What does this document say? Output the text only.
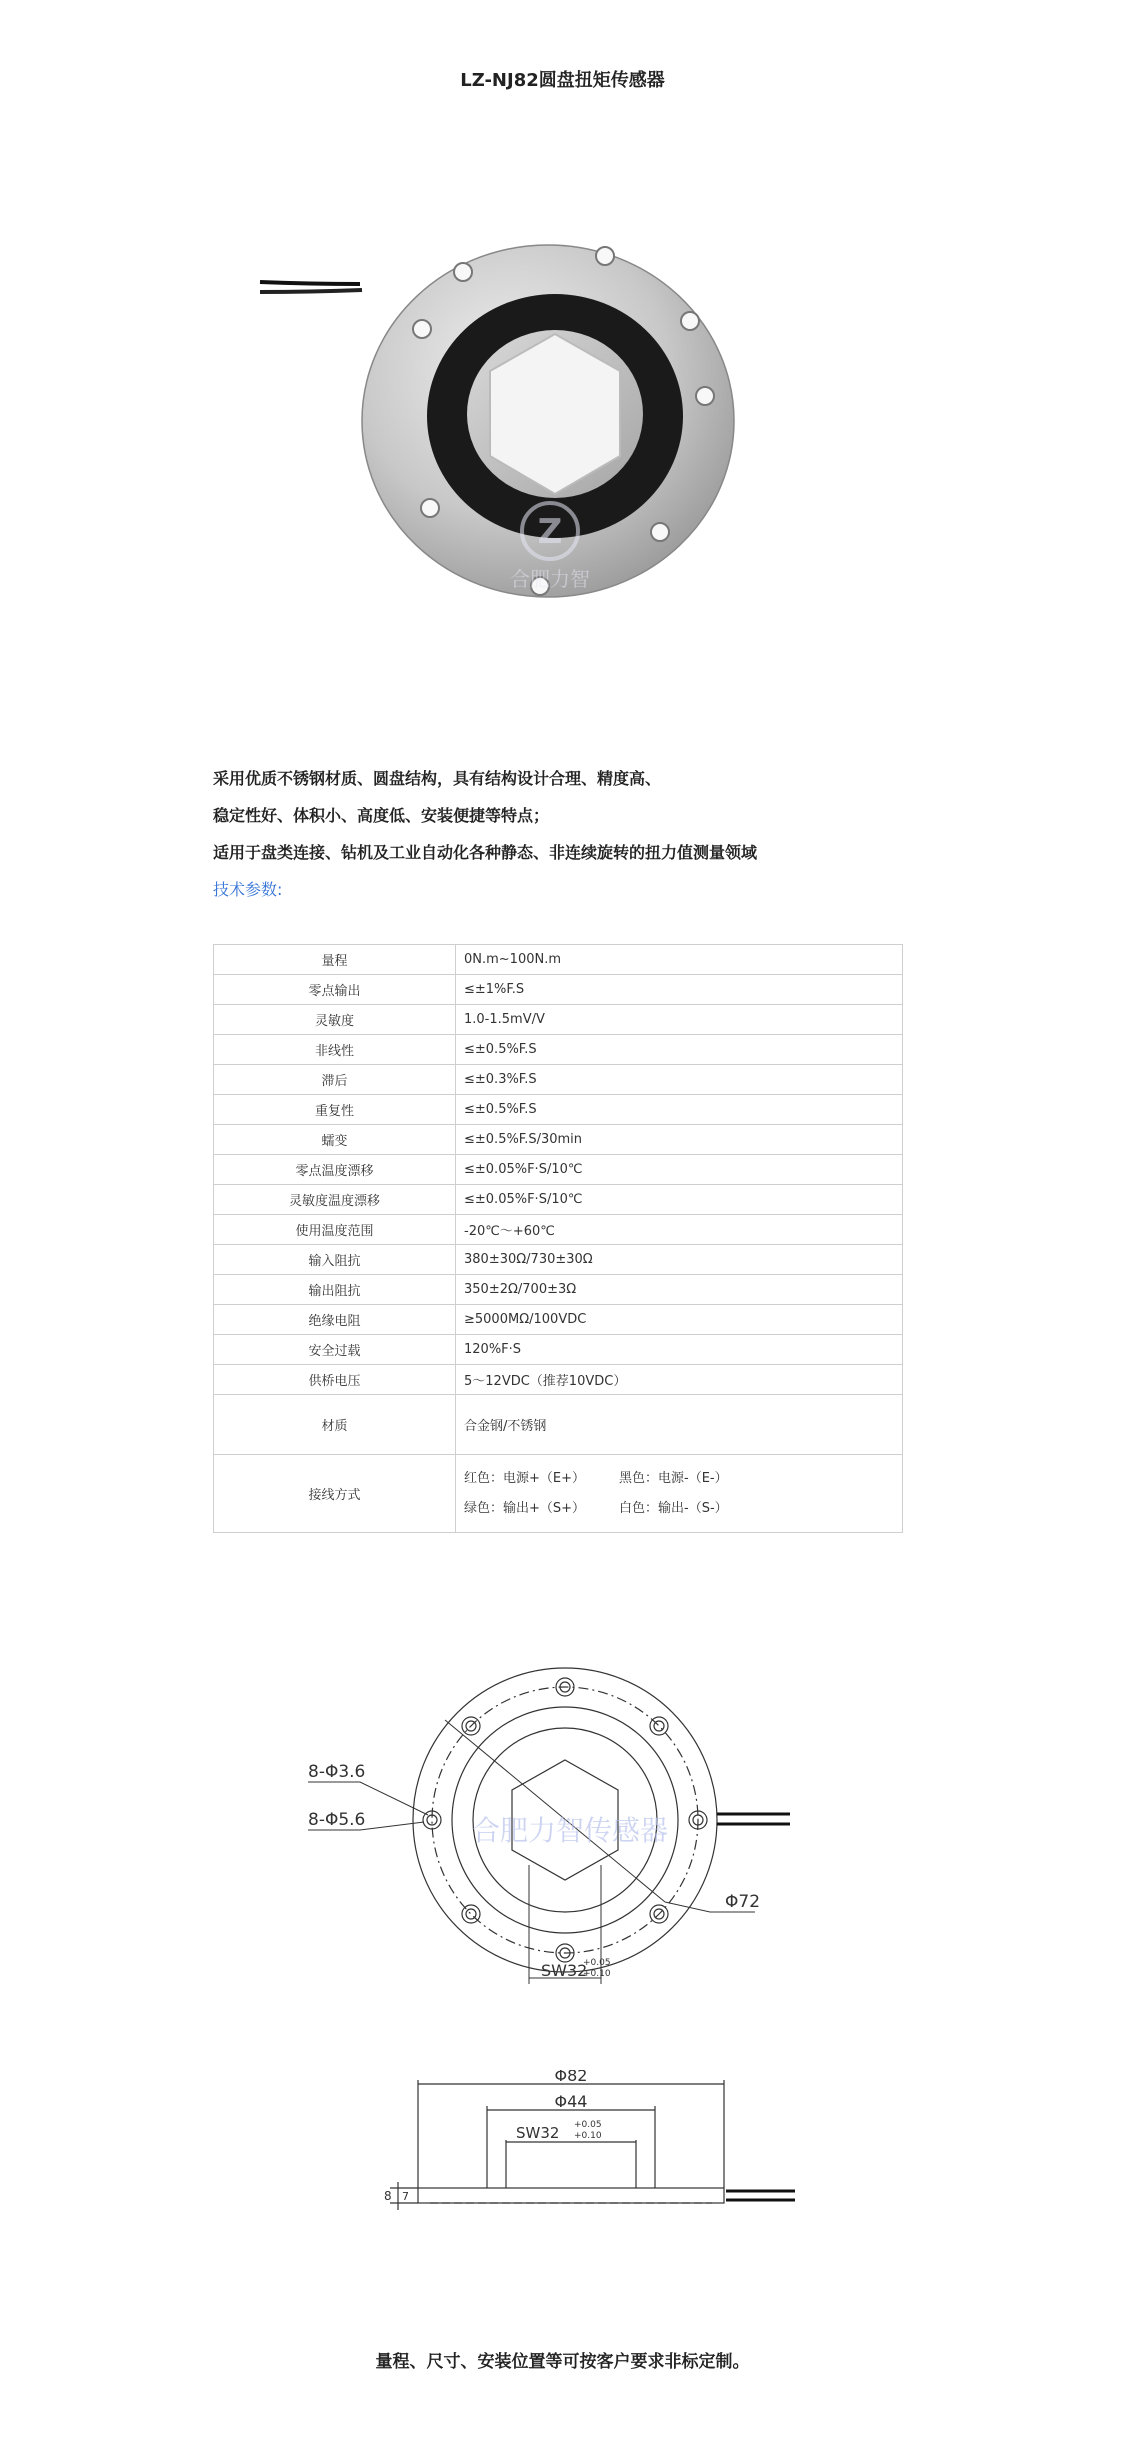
LZ-NJ82圆盘扭矩传感器
Z
合肥力智

采用优质不锈钢材质、圆盘结构，具有结构设计合理、精度高、

稳定性好、体积小、高度低、安装便捷等特点；

适用于盘类连接、钻机及工业自动化各种静态、非连续旋转的扭力值测量领域

技术参数:

量程	0N.m~100N.m
零点输出	≤±1%F.S
灵敏度	1.0-1.5mV/V
非线性	≤±0.5%F.S
滞后	≤±0.3%F.S
重复性	≤±0.5%F.S
蠕变	≤±0.5%F.S/30min
零点温度漂移	≤±0.05%F·S/10℃
灵敏度温度漂移	≤±0.05%F·S/10℃
使用温度范围	-20℃～+60℃
输入阻抗	380±30Ω/730±30Ω
输出阻抗	350±2Ω/700±3Ω
绝缘电阻	≥5000MΩ/100VDC
安全过载	120%F·S
供桥电压	5～12VDC（推荐10VDC）
材质	合金钢/不锈钢
接线方式	红色：电源+（E+） 黑色：电源-（E-）
绿色：输出+（S+） 白色：输出-（S-）
8-Φ3.6
8-Φ5.6
Φ72
SW32
+0.05
+0.10
合肥力智传感器
Φ82
Φ44
SW32 +0.05
+0.10
8 7
量程、尺寸、安装位置等可按客户要求非标定制。
